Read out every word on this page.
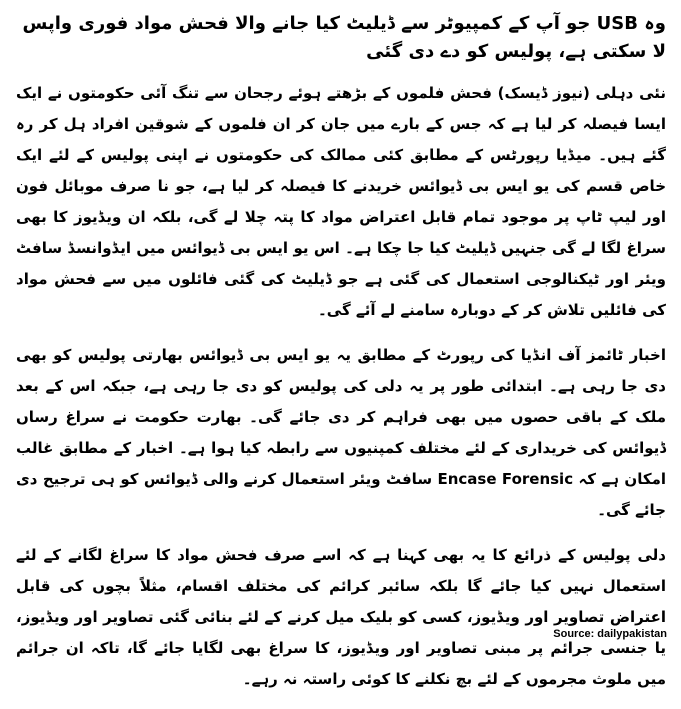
وہ USB جو آپ کے کمپیوٹر سے ڈیلیٹ کیا جانے والا فحش مواد فوری واپس لا سکتی ہے، پولیس کو دے دی گئی
نئی دہلی (نیوز ڈیسک) فحش فلموں کے بڑھتے ہوئے رجحان سے تنگ آئی حکومتوں نے ایک ایسا فیصلہ کر لیا ہے کہ جس کے بارے میں جان کر ان فلموں کے شوقین افراد ہل کر رہ گئے ہیں۔ میڈیا رپورٹس کے مطابق کئی ممالک کی حکومتوں نے اپنی پولیس کے لئے ایک خاص قسم کی یو ایس بی ڈیوائس خریدنے کا فیصلہ کر لیا ہے، جو نا صرف موبائل فون اور لیپ ٹاپ پر موجود تمام قابل اعتراض مواد کا پتہ چلا لے گی، بلکہ ان ویڈیوز کا بھی سراغ لگا لے گی جنہیں ڈیلیٹ کیا جا چکا ہے۔ اس یو ایس بی ڈیوائس میں ایڈوانسڈ سافٹ ویئر اور ٹیکنالوجی استعمال کی گئی ہے جو ڈیلیٹ کی گئی فائلوں میں سے فحش مواد کی فائلیں تلاش کر کے دوبارہ سامنے لے آئے گی۔
اخبار ٹائمز آف انڈیا کی رپورٹ کے مطابق یہ یو ایس بی ڈیوائس بھارتی پولیس کو بھی دی جا رہی ہے۔ ابتدائی طور پر یہ دلی کی پولیس کو دی جا رہی ہے، جبکہ اس کے بعد ملک کے باقی حصوں میں بھی فراہم کر دی جائے گی۔ بھارت حکومت نے سراغ رساں ڈیوائس کی خریداری کے لئے مختلف کمپنیوں سے رابطہ کیا ہوا ہے۔ اخبار کے مطابق غالب امکان ہے کہ Encase Forensic سافٹ ویئر استعمال کرنے والی ڈیوائس کو ہی ترجیح دی جائے گی۔
دلی پولیس کے ذرائع کا یہ بھی کہنا ہے کہ اسے صرف فحش مواد کا سراغ لگانے کے لئے استعمال نہیں کیا جائے گا بلکہ سائبر کرائم کی مختلف اقسام، مثلاً بچوں کی قابل اعتراض تصاویر اور ویڈیوز، کسی کو بلیک میل کرنے کے لئے بنائی گئی تصاویر اور ویڈیوز، یا جنسی جرائم پر مبنی تصاویر اور ویڈیوز، کا سراغ بھی لگایا جائے گا، تاکہ ان جرائم میں ملوث مجرموں کے لئے بچ نکلنے کا کوئی راستہ نہ رہے۔
Source: dailypakistan
